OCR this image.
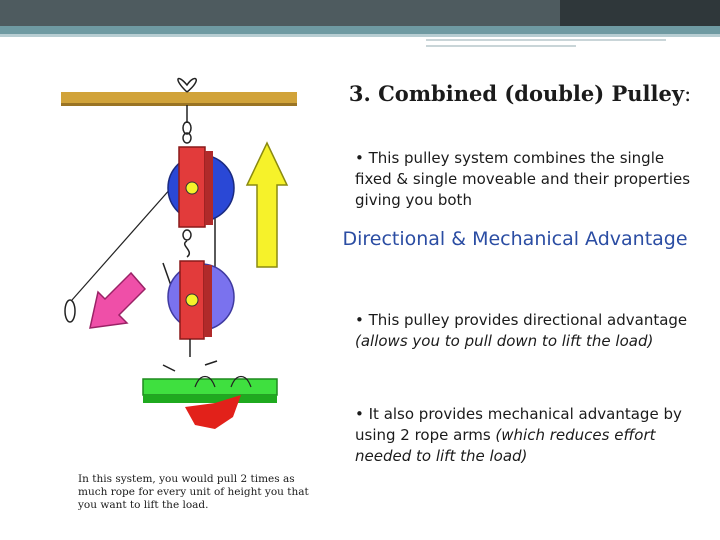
3. Combined (double) Pulley:
• This pulley system combines the single fixed & single moveable and their properties giving you both
Directional & Mechanical Advantage
• This pulley provides directional advantage (allows you to pull down to lift the load)
• It also provides mechanical advantage by using 2 rope arms (which reduces effort needed to lift the load)
In this system, you would pull 2 times as much rope for every unit of height you that you want to lift the load.
